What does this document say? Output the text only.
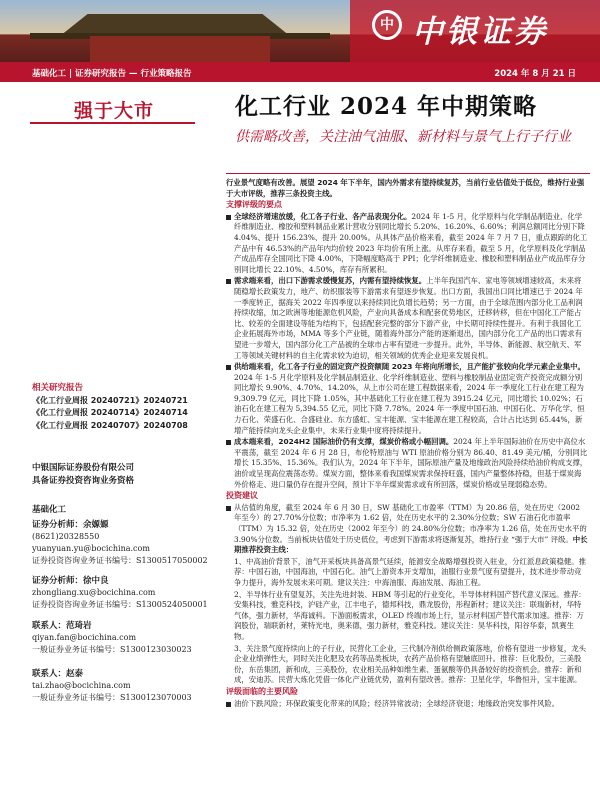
中 中银证券
基础化工 | 证券研究报告 — 行业策略报告	2024 年 8 月 21 日
强于大市	化工行业 2024 年中期策略
供需略改善，关注油气油服、新材料与景气上行子行业

行业景气度略有改善。展望 2024 年下半年，国内外需求有望持续复苏，当前行业估值处于低位，维持行业强于大市评级，推荐三条投资主线。

支撑评级的要点

全球经济增速放缓，化工各子行业、各产品表现分化。2024 年 1-5 月，化学原料与化学制品制造业、化学纤维制造业、橡胶和塑料制品业累计营收分别同比增长 5.20%、16.20%、6.60%；利润总额同比分别下降 4.04%、提升 156.23%、提升 20.00%。从具体产品价格来看，截至 2024 年 7 月 7 日，重点跟踪的化工产品中有 46.53%的产品年内均价较 2023 年均价有所上涨。从库存来看，截至 5 月，化学原料及化学制品产成品库存全国同比下降 4.00%，下降幅度略高于 PPI；化学纤维制造业、橡胶和塑料制品业产成品库存分别同比增长 22.10%、4.50%，库存有所累积。

需求端来看，出口下游需求缓慢复苏，内需有望持续恢复。上半年我国汽车、家电等领域增速较高，未来将随稳增长政策发力，地产、纺织服装等下游需求有望逐步恢复。出口方面，我国出口同比增速已于 2024 年一季度转正，据海关 2022 年四季度以来持续同比负增长趋势；另一方面，由于全球范围内部分化工品利润持续收缩，加之欧洲等地能源危机风险，产业向具备成本和配套优势地区，迁移转移，但在中国化工产能占比、较差的全面建设等能为结构下，包括配套完整的部分下游产业，中长期可持续性提升。有利于我国化工企业拓展海外市场，MMA 等多个产业链，随着海外部分产能的逐渐退出，国内部分化工产品的出口需求有望进一步增大，国内部分化工产品被的全球市占率有望进一步提升。此外，半导体、新能源、航空航天、军工等领域关键材料的自主化需求较为迫切，相关领域的优秀企业迎来发展良机。

供给端来看，化工各子行业的固定资产投资额随 2023 年将向所增长，且产能扩张较向化学元素企业集中。2024 年 1-5 月化学原料及化学制品制造业、化学纤维制造业、塑料与橡胶制品业固定资产投资完成额分别同比增长 9.90%、4.70%、14.20%，从上市公司在建工程数据来看，2024 年一季度化工行业在建工程为 9,309.79 亿元，同比下降 1.05%，其中基础化工行业在建工程为 3915.24 亿元，同比增长 10.02%；石油石化在建工程为 5,394.55 亿元，同比下降 7.78%。2024 年一季度中国石油、中国石化、万华化学、恒力石化、荣盛石化、合盛硅业、东方盛虹、宝丰能源、宝丰能源在建工程较高，合计占比达到 65.44%，新增产能持续向龙头企业集中，未来行业集中度将持续提升。

成本端来看，2024H2 国际油价仍有支撑，煤炭价格或小幅回调。2024 年上半年国际油价在历史中高位水平震荡，截至 2024 年 6 月 28 日，布伦特原油与 WTI 原油价格分别为 86.40、81.49 美元/桶，分别同比增长 15.35%、15.36%。我们认为，2024 年下半年，国际原油产量及地缘政治风险持续给油价构成支撑，油价或呈现高位震荡态势。煤炭方面，整体来看我国煤炭需求保持旺盛，国内产量整体持稳，但基于煤炭海外价格走、进口量仍存在提升空间，预计下半年煤炭需求或有所回落，煤炭价格或呈现弱稳态势。

投资建议

从估值的角度，截至 2024 年 6 月 30 日，SW 基础化工市盈率（TTM）为 20.86 倍，处在历史（2002 年至今）的 27.70%分位数；市净率为 1.62 倍，处在历史水平的 2.30%分位数；SW 石油石化市盈率（TTM）为 15.32 倍，处在历史（2002 年至今）的 24.80%分位数；市净率为 1.26 倍，处在历史水平的 3.90%分位数。当前板块估值处于历史低位，考虑到下游需求将逐渐复苏，维持行业 “强于大市” 评级。中长期推荐投资主线：

1、中高油价背景下，油气开采板块具备高景气延续，能源安全战略增强投资入驻业，分红派息政策稳健。推荐：中国石油，中国海油，中国石化。油气上游资本开支增加，油服行业景气度有望提升，技术进步带动竞争力提升，海外发展未来可期。建议关注：中海油服、海油发展、海油工程。

2、半导体行业有望复苏，关注先进封装、HBM 等引起的行业变化，半导体材料国产替代意义深远。推荐：安集科技，雅克科技，沪硅产业，江丰电子，德邦科技，鼎龙股份，彤程新材；建议关注：联瑞新材，华特气体，强力新材，华海诚科。下游面板需求，OLED 终端市场上行，显示材料国产替代需求加速。推荐：万润股份，瑞联新材，莱特光电，奥来德，强力新材，雅克科技。建议关注：昊华科技，阳谷华泰，凯赛生物。

3、关注景气度持续向上的子行业，民营化工企业，三代制冷剂供给侧政策落地，价格有望进一步修复，龙头企业业绩弹性大，同时关注化肥及农药等品类板块，农药产品价格有望触底回升。推荐：巨化股份，三美股份，东岳集团，新和成，三美股份，农业相关品种如维生素、蛋氨酸等仍具备较好的投资机会。推荐：新和成，安迪苏。民营大炼化凭借一体化产业链优势，盈利有望改善。推荐：卫星化学，华鲁恒升，宝丰能源。

评级面临的主要风险

油价下跌风险；环保政策变化带来的风险；经济异常波动；全球经济衰退；地缘政治突发事件风险。

相关研究报告
《化工行业周报 20240721》20240721
《化工行业周报 20240714》20240714
《化工行业周报 20240707》20240708
中银国际证券股份有限公司
具备证券投资咨询业务资格
基础化工
证券分析师：余嫄嫄
(8621)20328550
yuanyuan.yu@bocichina.com
证券投资咨询业务证书编号：S1300517050002
证券分析师：徐中良
zhongliang.xu@bocichina.com
证券投资咨询业务证书编号：S1300524050001
联系人：范琦岩
qiyan.fan@bocichina.com
一般证券业务证书编号：S1300123030023
联系人：赵泰
tai.zhao@bocichina.com
一般证券业务证书编号：S1300123070003
